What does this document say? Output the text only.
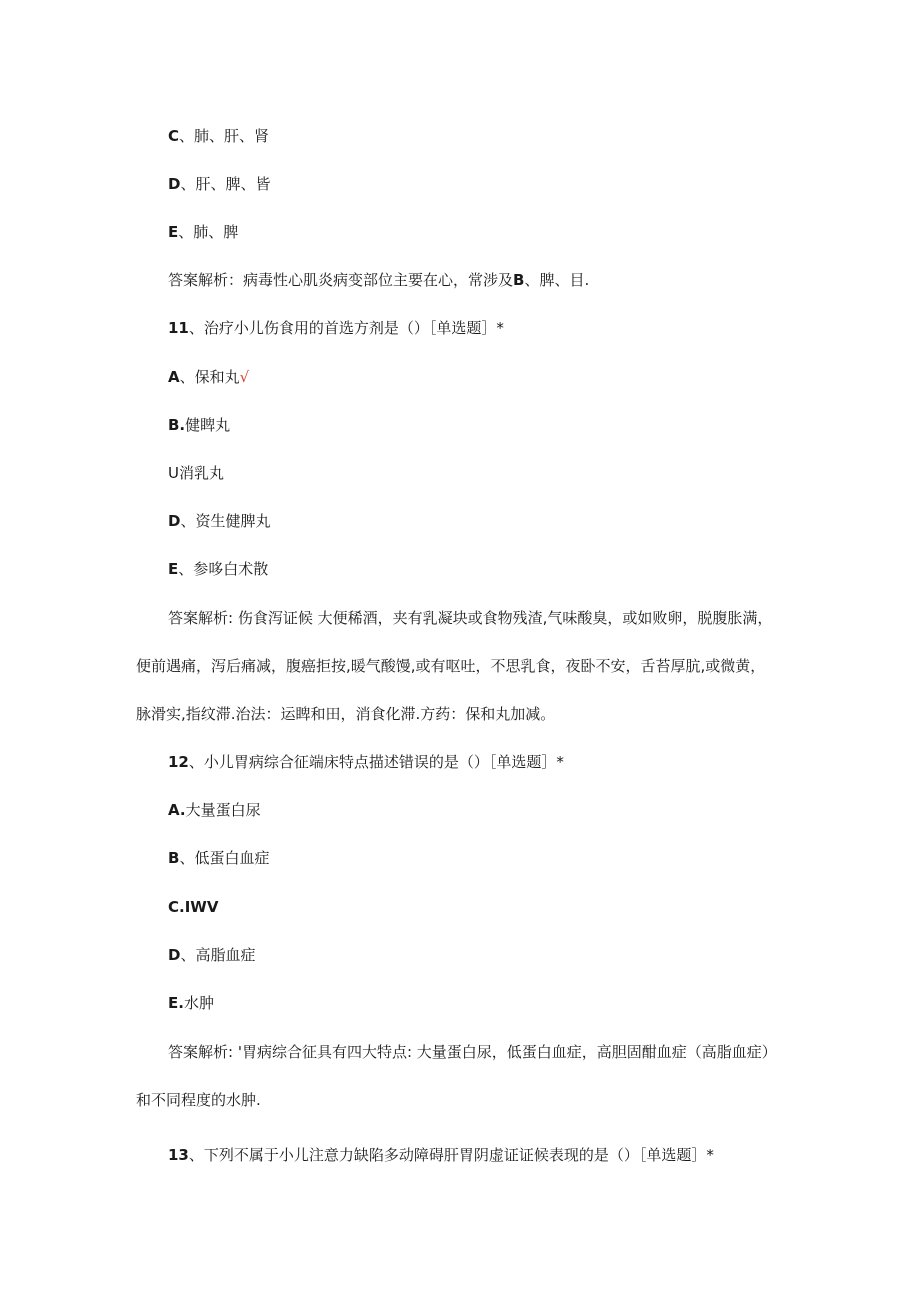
C、肺、肝、肾
D、肝、脾、皆
E、肺、脾
答案解析：病毒性心肌炎病变部位主要在心，常涉及B、脾、目.
11、治疗小儿伤食用的首选方剂是（）［单选题］*
A、保和丸√
B.健睥丸
U消乳丸
D、资生健脾丸
E、参哆白术散
答案解析: 伤食泻证候 大便稀酒，夹有乳凝块或食物残渣,气味酸臭，或如败卵，脱腹胀满，
便前遇痛，泻后痛减，腹癌拒按,暖气酸馒,或有呕吐，不思乳食，夜卧不安，舌苔厚肮,或微黄，
脉滑实,指纹滞.治法：运睥和田，消食化滞.方药：保和丸加减。
12、小儿胃病综合征端床特点描述错误的是（）［单选题］*
A.大量蛋白尿
B、低蛋白血症
C.IWV
D、高脂血症
E.水肿
答案解析: '胃病综合征具有四大特点: 大量蛋白尿，低蛋白血症，高胆固酣血症（高脂血症）
和不同程度的水肿.
13、下列不属于小儿注意力缺陷多动障碍肝胃阴虚证证候表现的是（）［单选题］*
